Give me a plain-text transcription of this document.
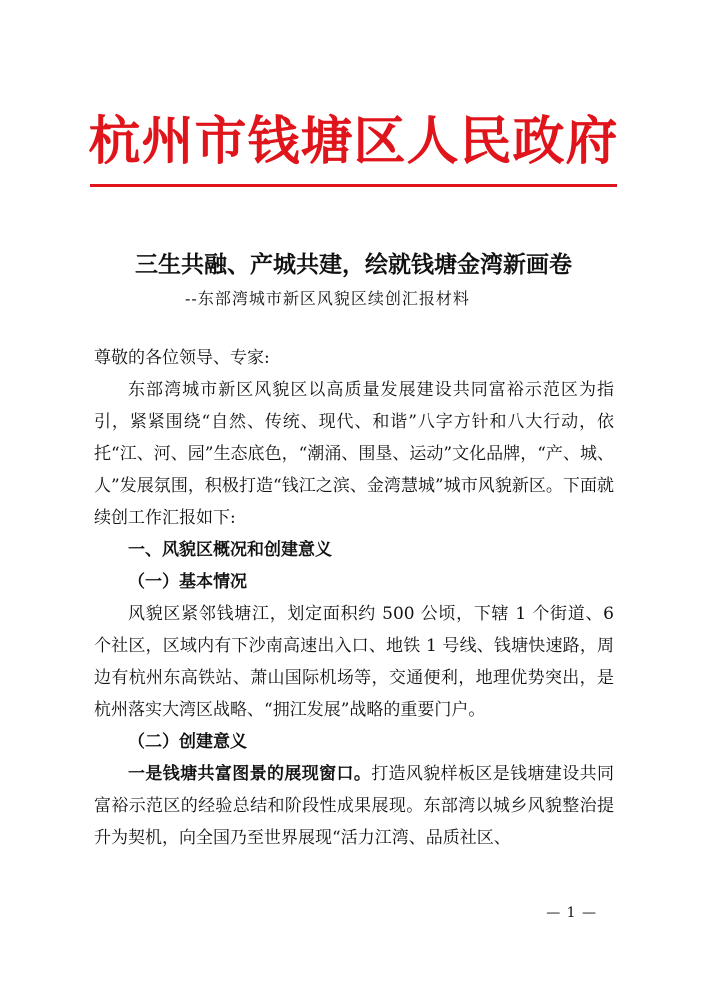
杭州市钱塘区人民政府
三生共融、产城共建，绘就钱塘金湾新画卷
--东部湾城市新区风貌区续创汇报材料

尊敬的各位领导、专家:

东部湾城市新区风貌区以高质量发展建设共同富裕示范区为指引，紧紧围绕“自然、传统、现代、和谐”八字方针和八大行动，依托“江、河、园”生态底色，“潮涌、围垦、运动”文化品牌，“产、城、人”发展氛围，积极打造“钱江之滨、金湾慧城”城市风貌新区。下面就续创工作汇报如下:

一、风貌区概况和创建意义

（一）基本情况

风貌区紧邻钱塘江，划定面积约 500 公顷，下辖 1 个街道、6 个社区，区域内有下沙南高速出入口、地铁 1 号线、钱塘快速路，周边有杭州东高铁站、萧山国际机场等，交通便利，地理优势突出，是杭州落实大湾区战略、“拥江发展”战略的重要门户。

（二）创建意义

一是钱塘共富图景的展现窗口。打造风貌样板区是钱塘建设共同富裕示范区的经验总结和阶段性成果展现。东部湾以城乡风貌整治提升为契机，向全国乃至世界展现“活力江湾、品质社区、

— 1 —
